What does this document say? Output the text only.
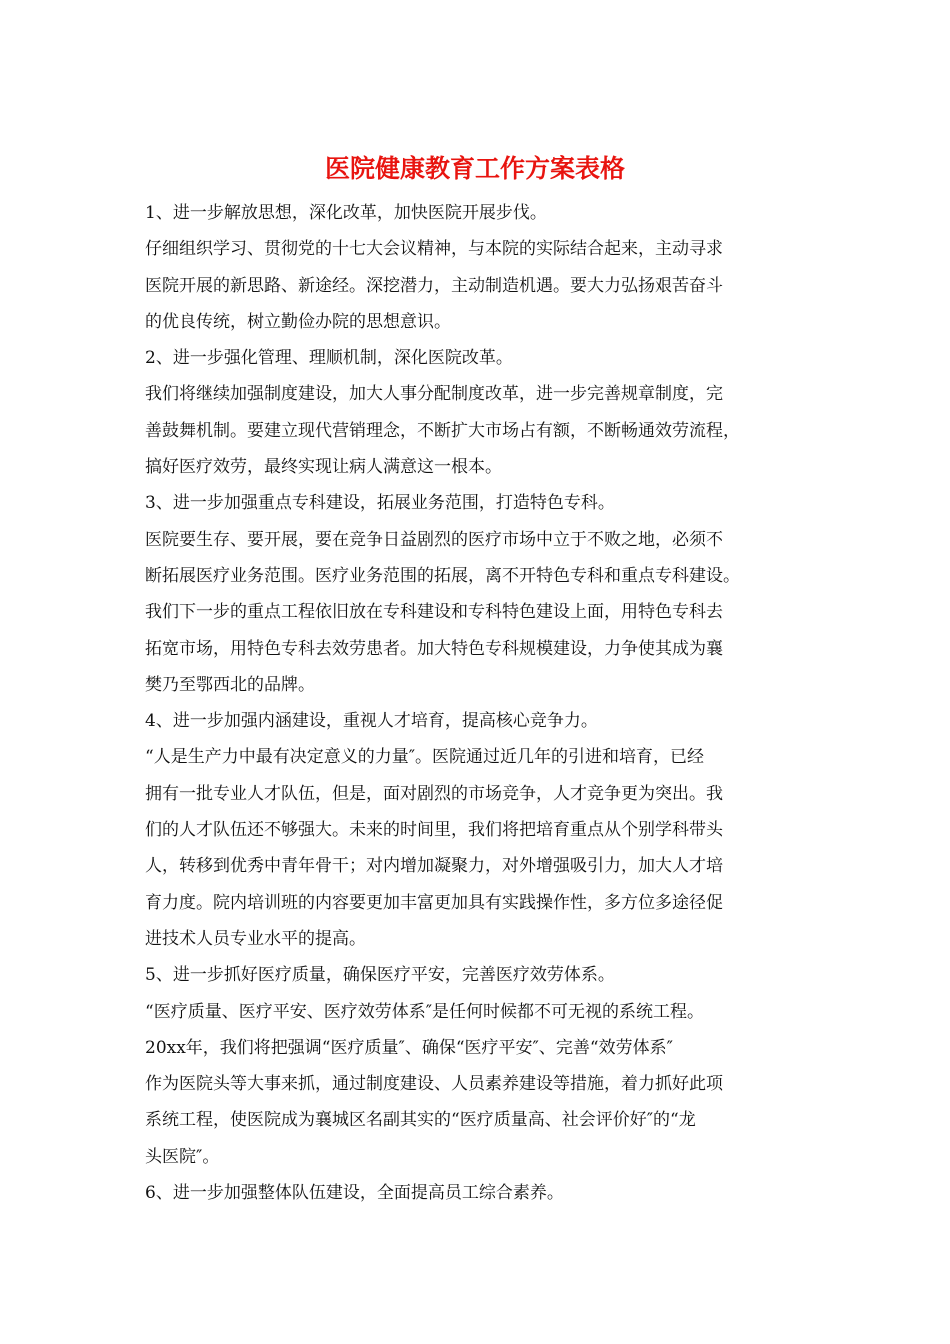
医院健康教育工作方案表格
1、进一步解放思想，深化改革，加快医院开展步伐。
仔细组织学习、贯彻党的十七大会议精神，与本院的实际结合起来，主动寻求
医院开展的新思路、新途经。深挖潜力，主动制造机遇。要大力弘扬艰苦奋斗
的优良传统，树立勤俭办院的思想意识。
2、进一步强化管理、理顺机制，深化医院改革。
我们将继续加强制度建设，加大人事分配制度改革，进一步完善规章制度，完
善鼓舞机制。要建立现代营销理念，不断扩大市场占有额，不断畅通效劳流程，
搞好医疗效劳，最终实现让病人满意这一根本。
3、进一步加强重点专科建设，拓展业务范围，打造特色专科。
医院要生存、要开展，要在竞争日益剧烈的医疗市场中立于不败之地，必须不
断拓展医疗业务范围。医疗业务范围的拓展，离不开特色专科和重点专科建设。
我们下一步的重点工程依旧放在专科建设和专科特色建设上面，用特色专科去
拓宽市场，用特色专科去效劳患者。加大特色专科规模建设，力争使其成为襄
樊乃至鄂西北的品牌。
4、进一步加强内涵建设，重视人才培育，提高核心竞争力。
“人是生产力中最有决定意义的力量″。医院通过近几年的引进和培育，已经
拥有一批专业人才队伍，但是，面对剧烈的市场竞争，人才竞争更为突出。我
们的人才队伍还不够强大。未来的时间里，我们将把培育重点从个别学科带头
人，转移到优秀中青年骨干；对内增加凝聚力，对外增强吸引力，加大人才培
育力度。院内培训班的内容要更加丰富更加具有实践操作性，多方位多途径促
进技术人员专业水平的提高。
5、进一步抓好医疗质量，确保医疗平安，完善医疗效劳体系。
“医疗质量、医疗平安、医疗效劳体系″是任何时候都不可无视的系统工程。
20xx年，我们将把强调“医疗质量″、确保“医疗平安″、完善“效劳体系″
作为医院头等大事来抓，通过制度建设、人员素养建设等措施，着力抓好此项
系统工程，使医院成为襄城区名副其实的“医疗质量高、社会评价好″的“龙
头医院″。
6、进一步加强整体队伍建设，全面提高员工综合素养。
